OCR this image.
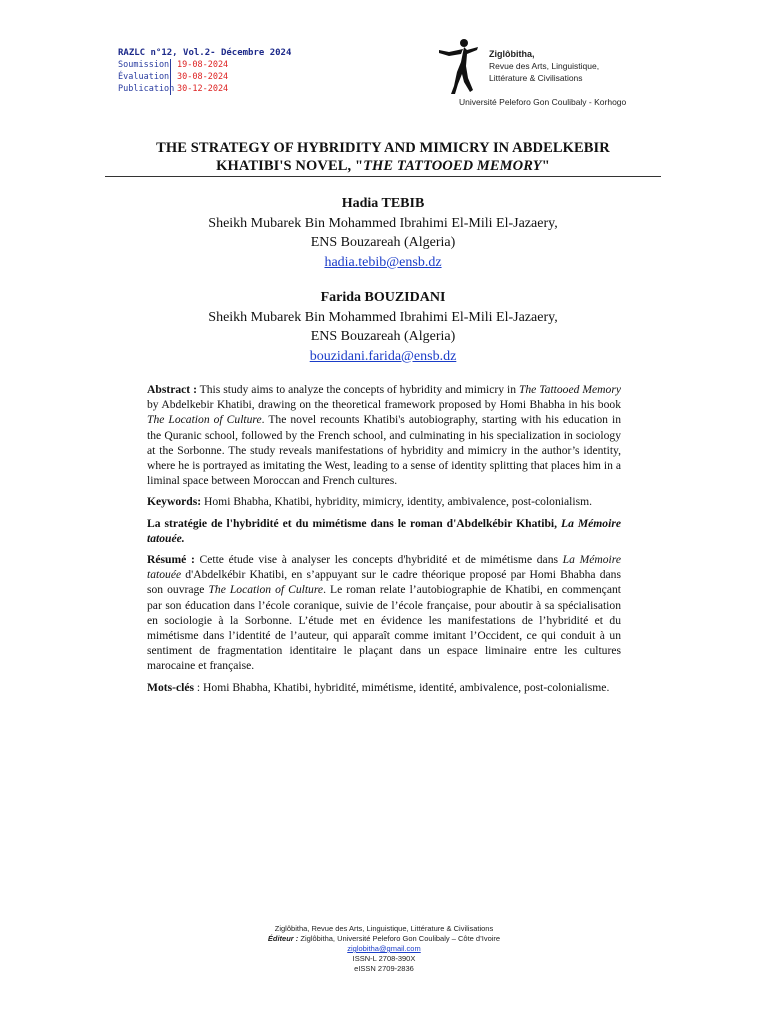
RAZLC n°12, Vol.2- Décembre 2024
Soumission 19-08-2024
Évaluation 30-08-2024
Publication 30-12-2024
Ziglôbitha,
Revue des Arts, Linguistique,
Littérature & Civilisations
Université Peleforo Gon Coulibaly - Korhogo
THE STRATEGY OF HYBRIDITY AND MIMICRY IN ABDELKEBIR
KHATIBI'S NOVEL, "THE TATTOOED MEMORY"
Hadia TEBIB
Sheikh Mubarek Bin Mohammed Ibrahimi El-Mili El-Jazaery,
ENS Bouzareah (Algeria)
hadia.tebib@ensb.dz
Farida BOUZIDANI
Sheikh Mubarek Bin Mohammed Ibrahimi El-Mili El-Jazaery,
ENS Bouzareah (Algeria)
bouzidani.farida@ensb.dz

Abstract : This study aims to analyze the concepts of hybridity and mimicry in The Tattooed Memory by Abdelkebir Khatibi, drawing on the theoretical framework proposed by Homi Bhabha in his book The Location of Culture. The novel recounts Khatibi's autobiography, starting with his education in the Quranic school, followed by the French school, and culminating in his specialization in sociology at the Sorbonne. The study reveals manifestations of hybridity and mimicry in the author’s identity, where he is portrayed as imitating the West, leading to a sense of identity splitting that places him in a liminal space between Moroccan and French cultures.

Keywords: Homi Bhabha, Khatibi, hybridity, mimicry, identity, ambivalence, post-colonialism.

La stratégie de l'hybridité et du mimétisme dans le roman d'Abdelkébir Khatibi, La Mémoire tatouée.

Résumé : Cette étude vise à analyser les concepts d'hybridité et de mimétisme dans La Mémoire tatouée d'Abdelkébir Khatibi, en s’appuyant sur le cadre théorique proposé par Homi Bhabha dans son ouvrage The Location of Culture. Le roman relate l’autobiographie de Khatibi, en commençant par son éducation dans l’école coranique, suivie de l’école française, pour aboutir à sa spécialisation en sociologie à la Sorbonne. L’étude met en évidence les manifestations de l’hybridité et du mimétisme dans l’identité de l’auteur, qui apparaît comme imitant l’Occident, ce qui conduit à un sentiment de fragmentation identitaire le plaçant dans un espace liminaire entre les cultures marocaine et française.

Mots-clés : Homi Bhabha, Khatibi, hybridité, mimétisme, identité, ambivalence, post-colonialisme.

Ziglôbitha, Revue des Arts, Linguistique, Littérature & Civilisations
Éditeur : Ziglôbitha, Université Peleforo Gon Coulibaly – Côte d’Ivoire
ziglobitha@gmail.com
ISSN-L 2708-390X
eISSN 2709-2836
